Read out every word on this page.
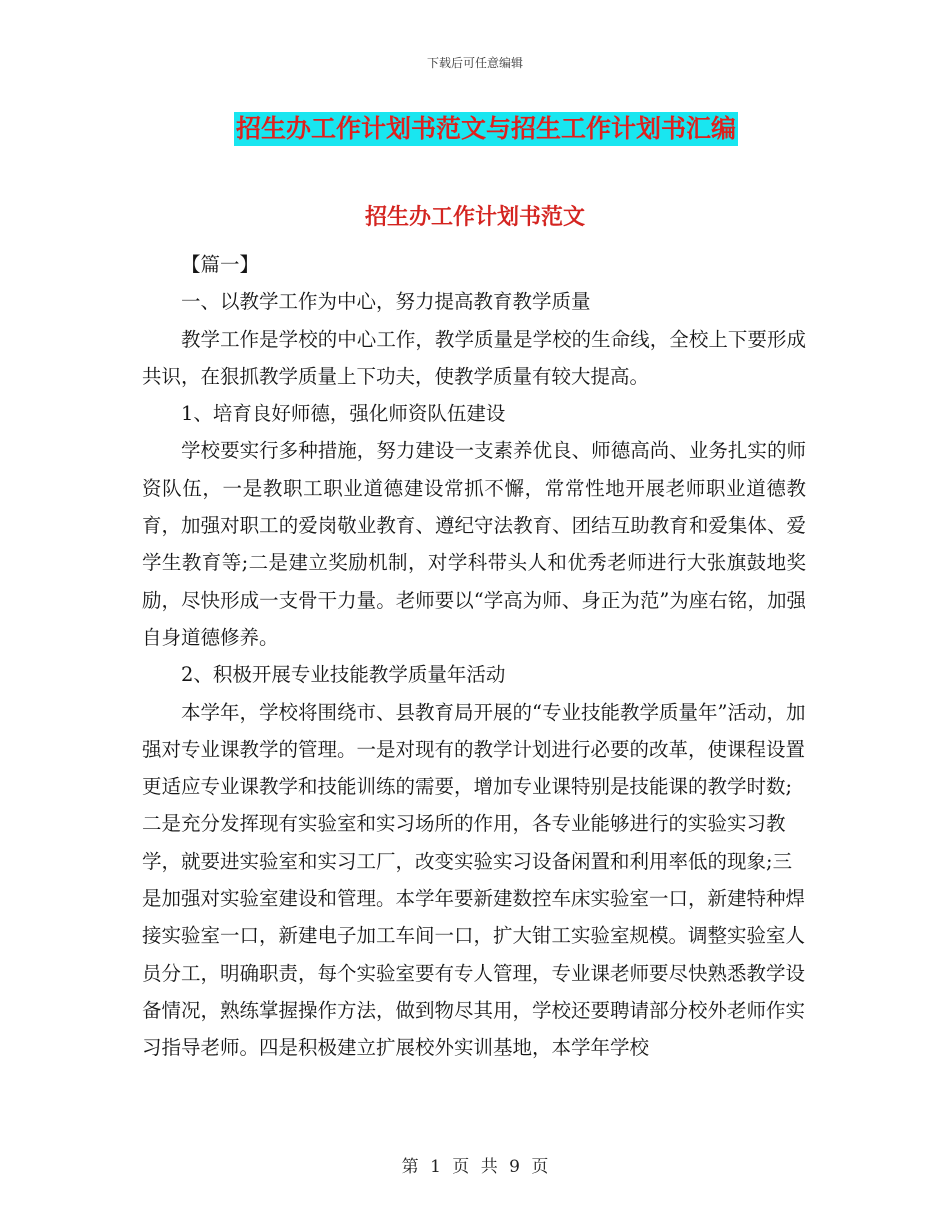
下载后可任意编辑
招生办工作计划书范文与招生工作计划书汇编
招生办工作计划书范文

【篇一】

一、以教学工作为中心，努力提高教育教学质量

教学工作是学校的中心工作，教学质量是学校的生命线，全校上下要形成共识，在狠抓教学质量上下功夫，使教学质量有较大提高。

1、培育良好师德，强化师资队伍建设

学校要实行多种措施，努力建设一支素养优良、师德高尚、业务扎实的师资队伍，一是教职工职业道德建设常抓不懈，常常性地开展老师职业道德教育，加强对职工的爱岗敬业教育、遵纪守法教育、团结互助教育和爱集体、爱学生教育等;二是建立奖励机制，对学科带头人和优秀老师进行大张旗鼓地奖励，尽快形成一支骨干力量。老师要以“学高为师、身正为范”为座右铭，加强自身道德修养。

2、积极开展专业技能教学质量年活动

本学年，学校将围绕市、县教育局开展的“专业技能教学质量年”活动，加强对专业课教学的管理。一是对现有的教学计划进行必要的改革，使课程设置更适应专业课教学和技能训练的需要，增加专业课特别是技能课的教学时数;二是充分发挥现有实验室和实习场所的作用，各专业能够进行的实验实习教学，就要进实验室和实习工厂，改变实验实习设备闲置和利用率低的现象;三是加强对实验室建设和管理。本学年要新建数控车床实验室一口，新建特种焊接实验室一口，新建电子加工车间一口，扩大钳工实验室规模。调整实验室人员分工，明确职责，每个实验室要有专人管理，专业课老师要尽快熟悉教学设备情况，熟练掌握操作方法，做到物尽其用，学校还要聘请部分校外老师作实习指导老师。四是积极建立扩展校外实训基地，本学年学校

第 1 页 共 9 页
